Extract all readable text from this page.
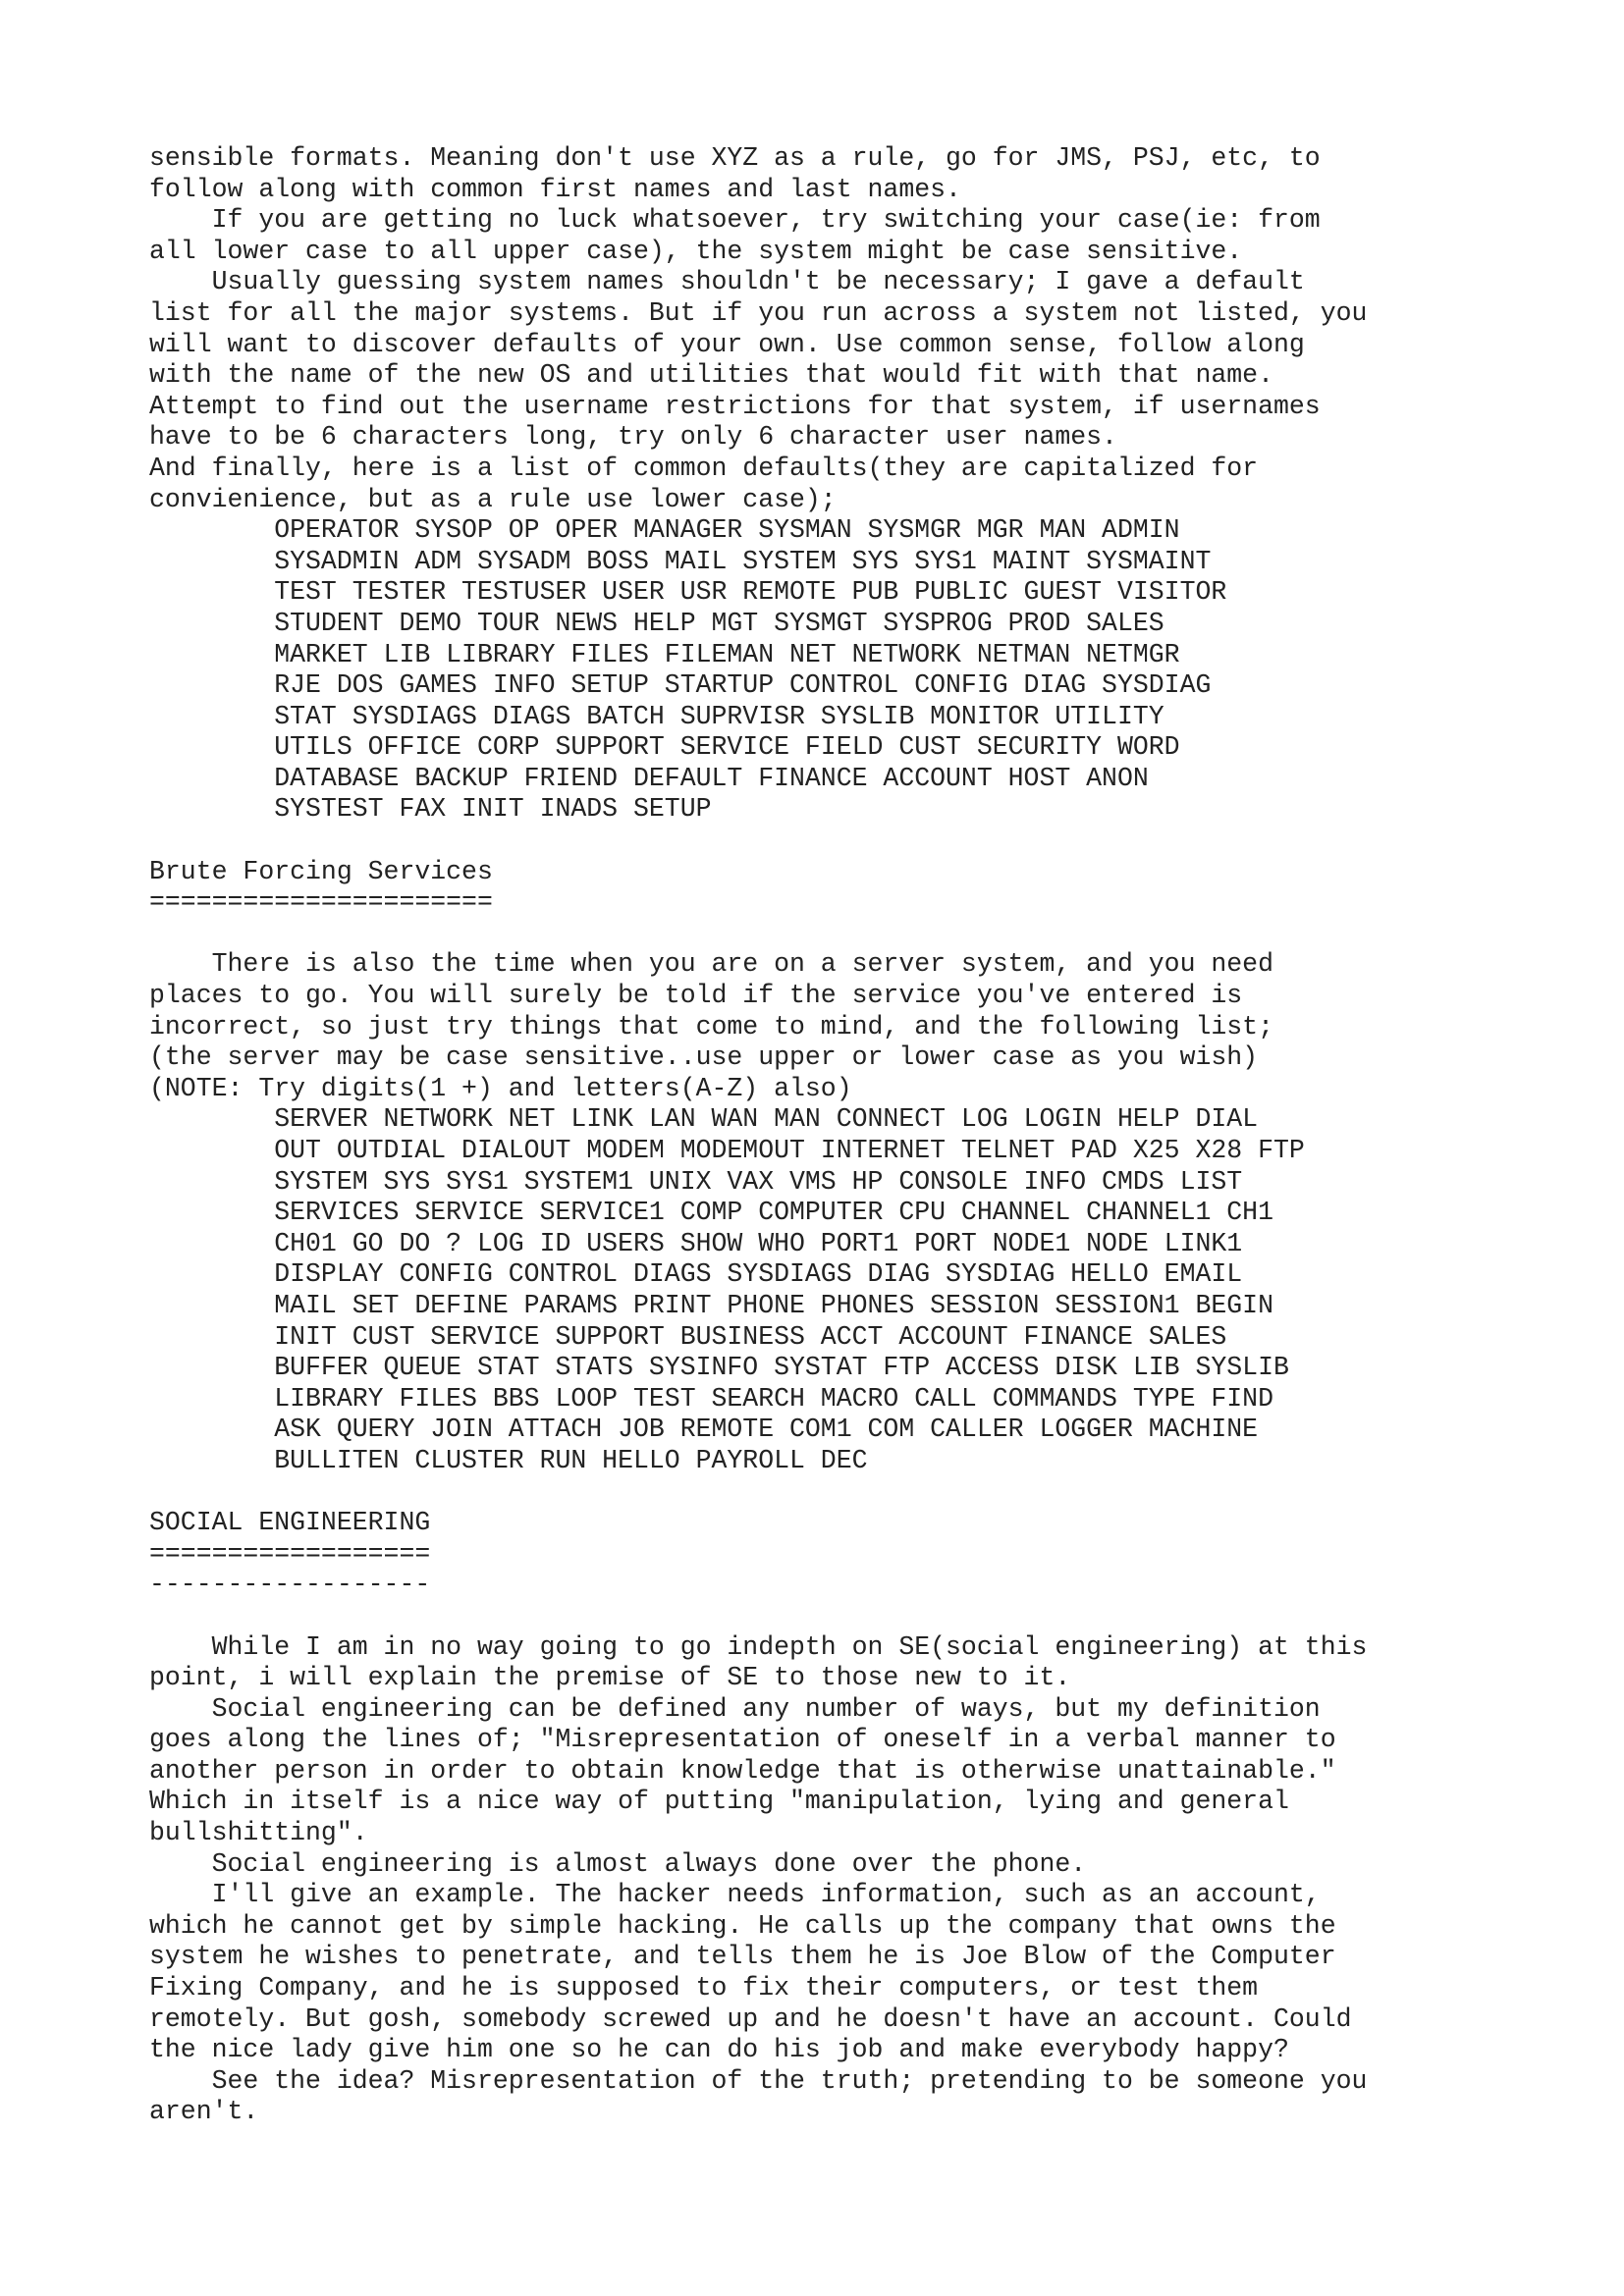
sensible formats. Meaning don't use XYZ as a rule, go for JMS, PSJ, etc, to
follow along with common first names and last names.
If you are getting no luck whatsoever, try switching your case(ie: from
all lower case to all upper case), the system might be case sensitive.
Usually guessing system names shouldn't be necessary; I gave a default
list for all the major systems. But if you run across a system not listed, you
will want to discover defaults of your own. Use common sense, follow along
with the name of the new OS and utilities that would fit with that name.
Attempt to find out the username restrictions for that system, if usernames
have to be 6 characters long, try only 6 character user names.
And finally, here is a list of common defaults(they are capitalized for
convienience, but as a rule use lower case);
OPERATOR SYSOP OP OPER MANAGER SYSMAN SYSMGR MGR MAN ADMIN
SYSADMIN ADM SYSADM BOSS MAIL SYSTEM SYS SYS1 MAINT SYSMAINT
TEST TESTER TESTUSER USER USR REMOTE PUB PUBLIC GUEST VISITOR
STUDENT DEMO TOUR NEWS HELP MGT SYSMGT SYSPROG PROD SALES
MARKET LIB LIBRARY FILES FILEMAN NET NETWORK NETMAN NETMGR
RJE DOS GAMES INFO SETUP STARTUP CONTROL CONFIG DIAG SYSDIAG
STAT SYSDIAGS DIAGS BATCH SUPRVISR SYSLIB MONITOR UTILITY
UTILS OFFICE CORP SUPPORT SERVICE FIELD CUST SECURITY WORD
DATABASE BACKUP FRIEND DEFAULT FINANCE ACCOUNT HOST ANON
SYSTEST FAX INIT INADS SETUP

Brute Forcing Services
======================

There is also the time when you are on a server system, and you need
places to go. You will surely be told if the service you've entered is
incorrect, so just try things that come to mind, and the following list;
(the server may be case sensitive..use upper or lower case as you wish)
(NOTE: Try digits(1 +) and letters(A-Z) also)
SERVER NETWORK NET LINK LAN WAN MAN CONNECT LOG LOGIN HELP DIAL
OUT OUTDIAL DIALOUT MODEM MODEMOUT INTERNET TELNET PAD X25 X28 FTP
SYSTEM SYS SYS1 SYSTEM1 UNIX VAX VMS HP CONSOLE INFO CMDS LIST
SERVICES SERVICE SERVICE1 COMP COMPUTER CPU CHANNEL CHANNEL1 CH1
CH01 GO DO ? LOG ID USERS SHOW WHO PORT1 PORT NODE1 NODE LINK1
DISPLAY CONFIG CONTROL DIAGS SYSDIAGS DIAG SYSDIAG HELLO EMAIL
MAIL SET DEFINE PARAMS PRINT PHONE PHONES SESSION SESSION1 BEGIN
INIT CUST SERVICE SUPPORT BUSINESS ACCT ACCOUNT FINANCE SALES
BUFFER QUEUE STAT STATS SYSINFO SYSTAT FTP ACCESS DISK LIB SYSLIB
LIBRARY FILES BBS LOOP TEST SEARCH MACRO CALL COMMANDS TYPE FIND
ASK QUERY JOIN ATTACH JOB REMOTE COM1 COM CALLER LOGGER MACHINE
BULLITEN CLUSTER RUN HELLO PAYROLL DEC

SOCIAL ENGINEERING
==================
------------------

While I am in no way going to go indepth on SE(social engineering) at this
point, i will explain the premise of SE to those new to it.
Social engineering can be defined any number of ways, but my definition
goes along the lines of; "Misrepresentation of oneself in a verbal manner to
another person in order to obtain knowledge that is otherwise unattainable."
Which in itself is a nice way of putting "manipulation, lying and general
bullshitting".
Social engineering is almost always done over the phone.
I'll give an example. The hacker needs information, such as an account,
which he cannot get by simple hacking. He calls up the company that owns the
system he wishes to penetrate, and tells them he is Joe Blow of the Computer
Fixing Company, and he is supposed to fix their computers, or test them
remotely. But gosh, somebody screwed up and he doesn't have an account. Could
the nice lady give him one so he can do his job and make everybody happy?
See the idea? Misrepresentation of the truth; pretending to be someone you
aren't.
